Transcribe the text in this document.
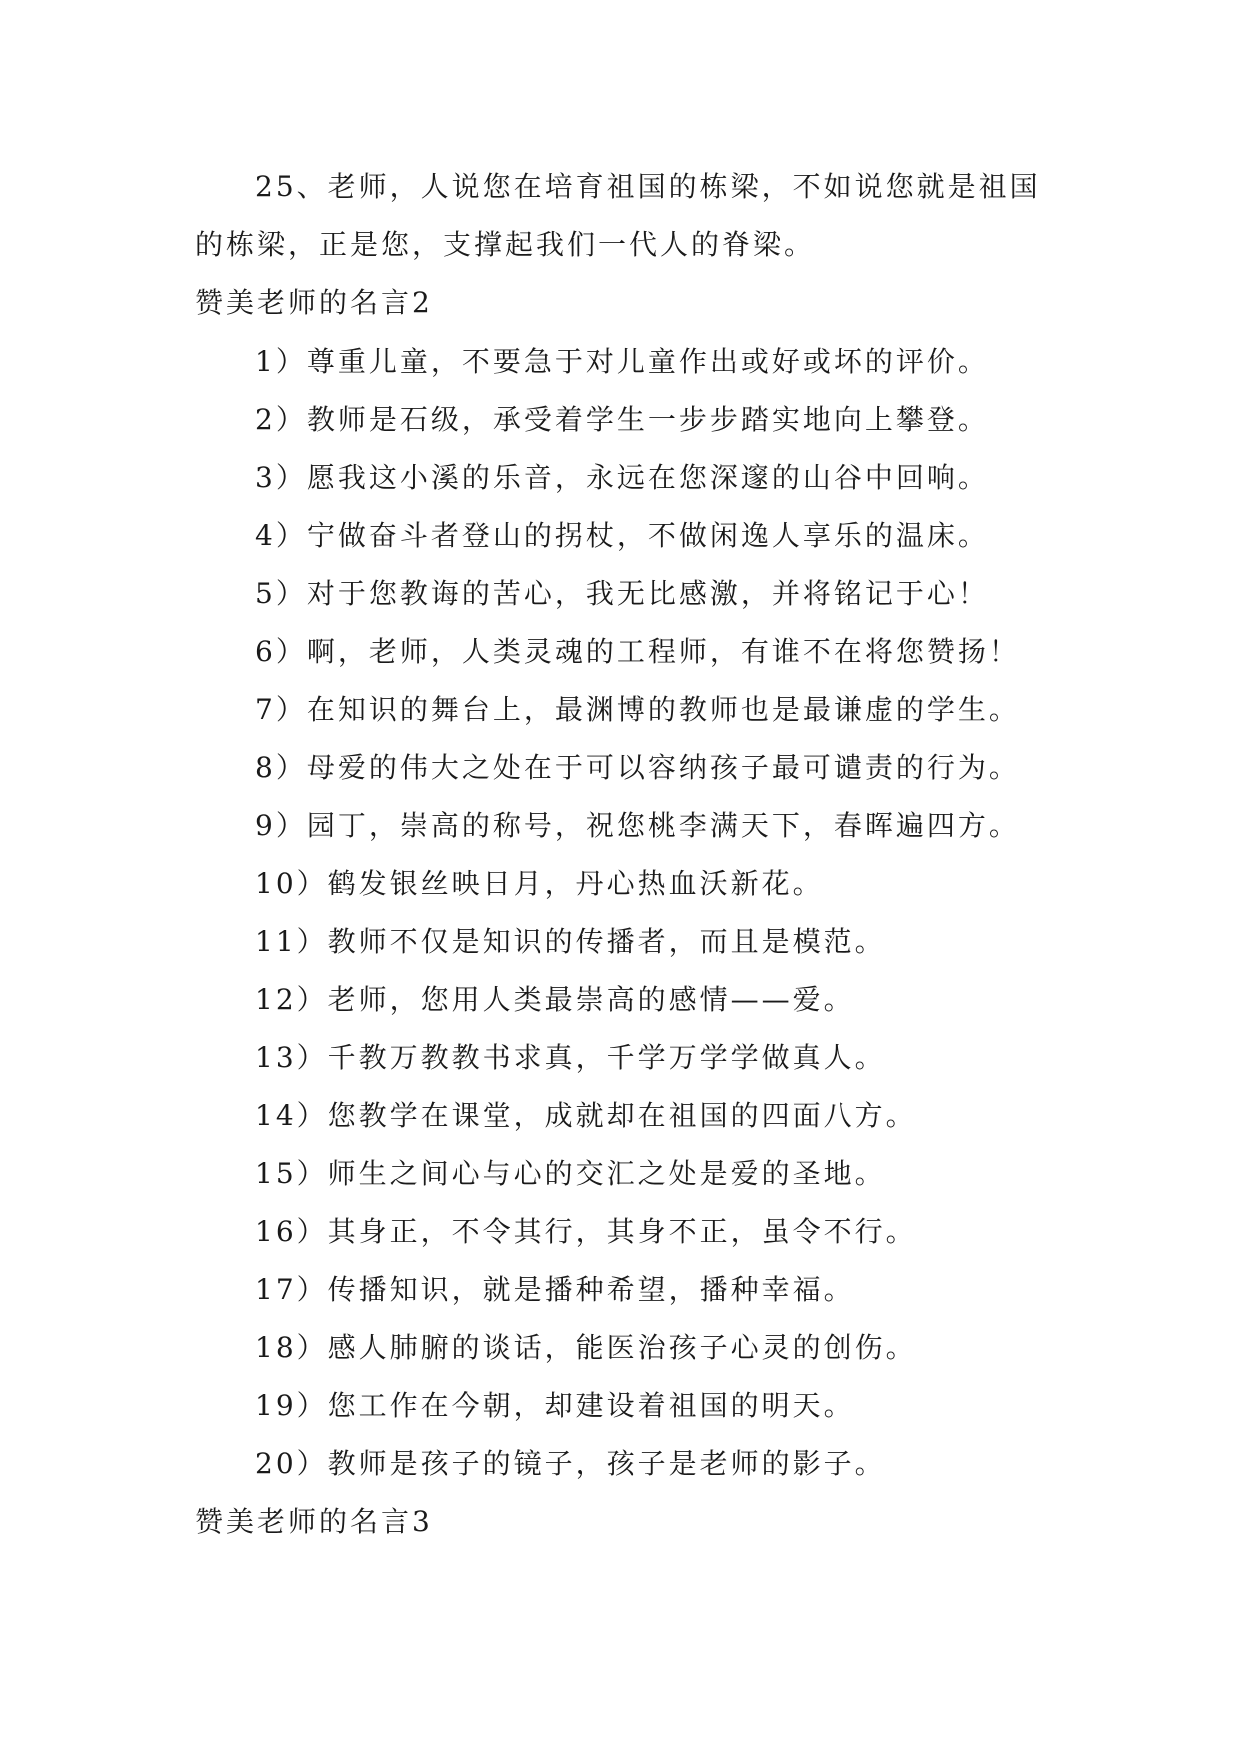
25、老师，人说您在培育祖国的栋梁，不如说您就是祖国的栋梁，正是您，支撑起我们一代人的脊梁。

赞美老师的名言2

1）尊重儿童，不要急于对儿童作出或好或坏的评价。

2）教师是石级，承受着学生一步步踏实地向上攀登。

3）愿我这小溪的乐音，永远在您深邃的山谷中回响。

4）宁做奋斗者登山的拐杖，不做闲逸人享乐的温床。

5）对于您教诲的苦心，我无比感激，并将铭记于心！

6）啊，老师，人类灵魂的工程师，有谁不在将您赞扬！

7）在知识的舞台上，最渊博的教师也是最谦虚的学生。

8）母爱的伟大之处在于可以容纳孩子最可谴责的行为。

9）园丁，崇高的称号，祝您桃李满天下，春晖遍四方。

10）鹤发银丝映日月，丹心热血沃新花。

11）教师不仅是知识的传播者，而且是模范。

12）老师，您用人类最崇高的感情——爱。

13）千教万教教书求真，千学万学学做真人。

14）您教学在课堂，成就却在祖国的四面八方。

15）师生之间心与心的交汇之处是爱的圣地。

16）其身正，不令其行，其身不正，虽令不行。

17）传播知识，就是播种希望，播种幸福。

18）感人肺腑的谈话，能医治孩子心灵的创伤。

19）您工作在今朝，却建设着祖国的明天。

20）教师是孩子的镜子，孩子是老师的影子。

赞美老师的名言3
